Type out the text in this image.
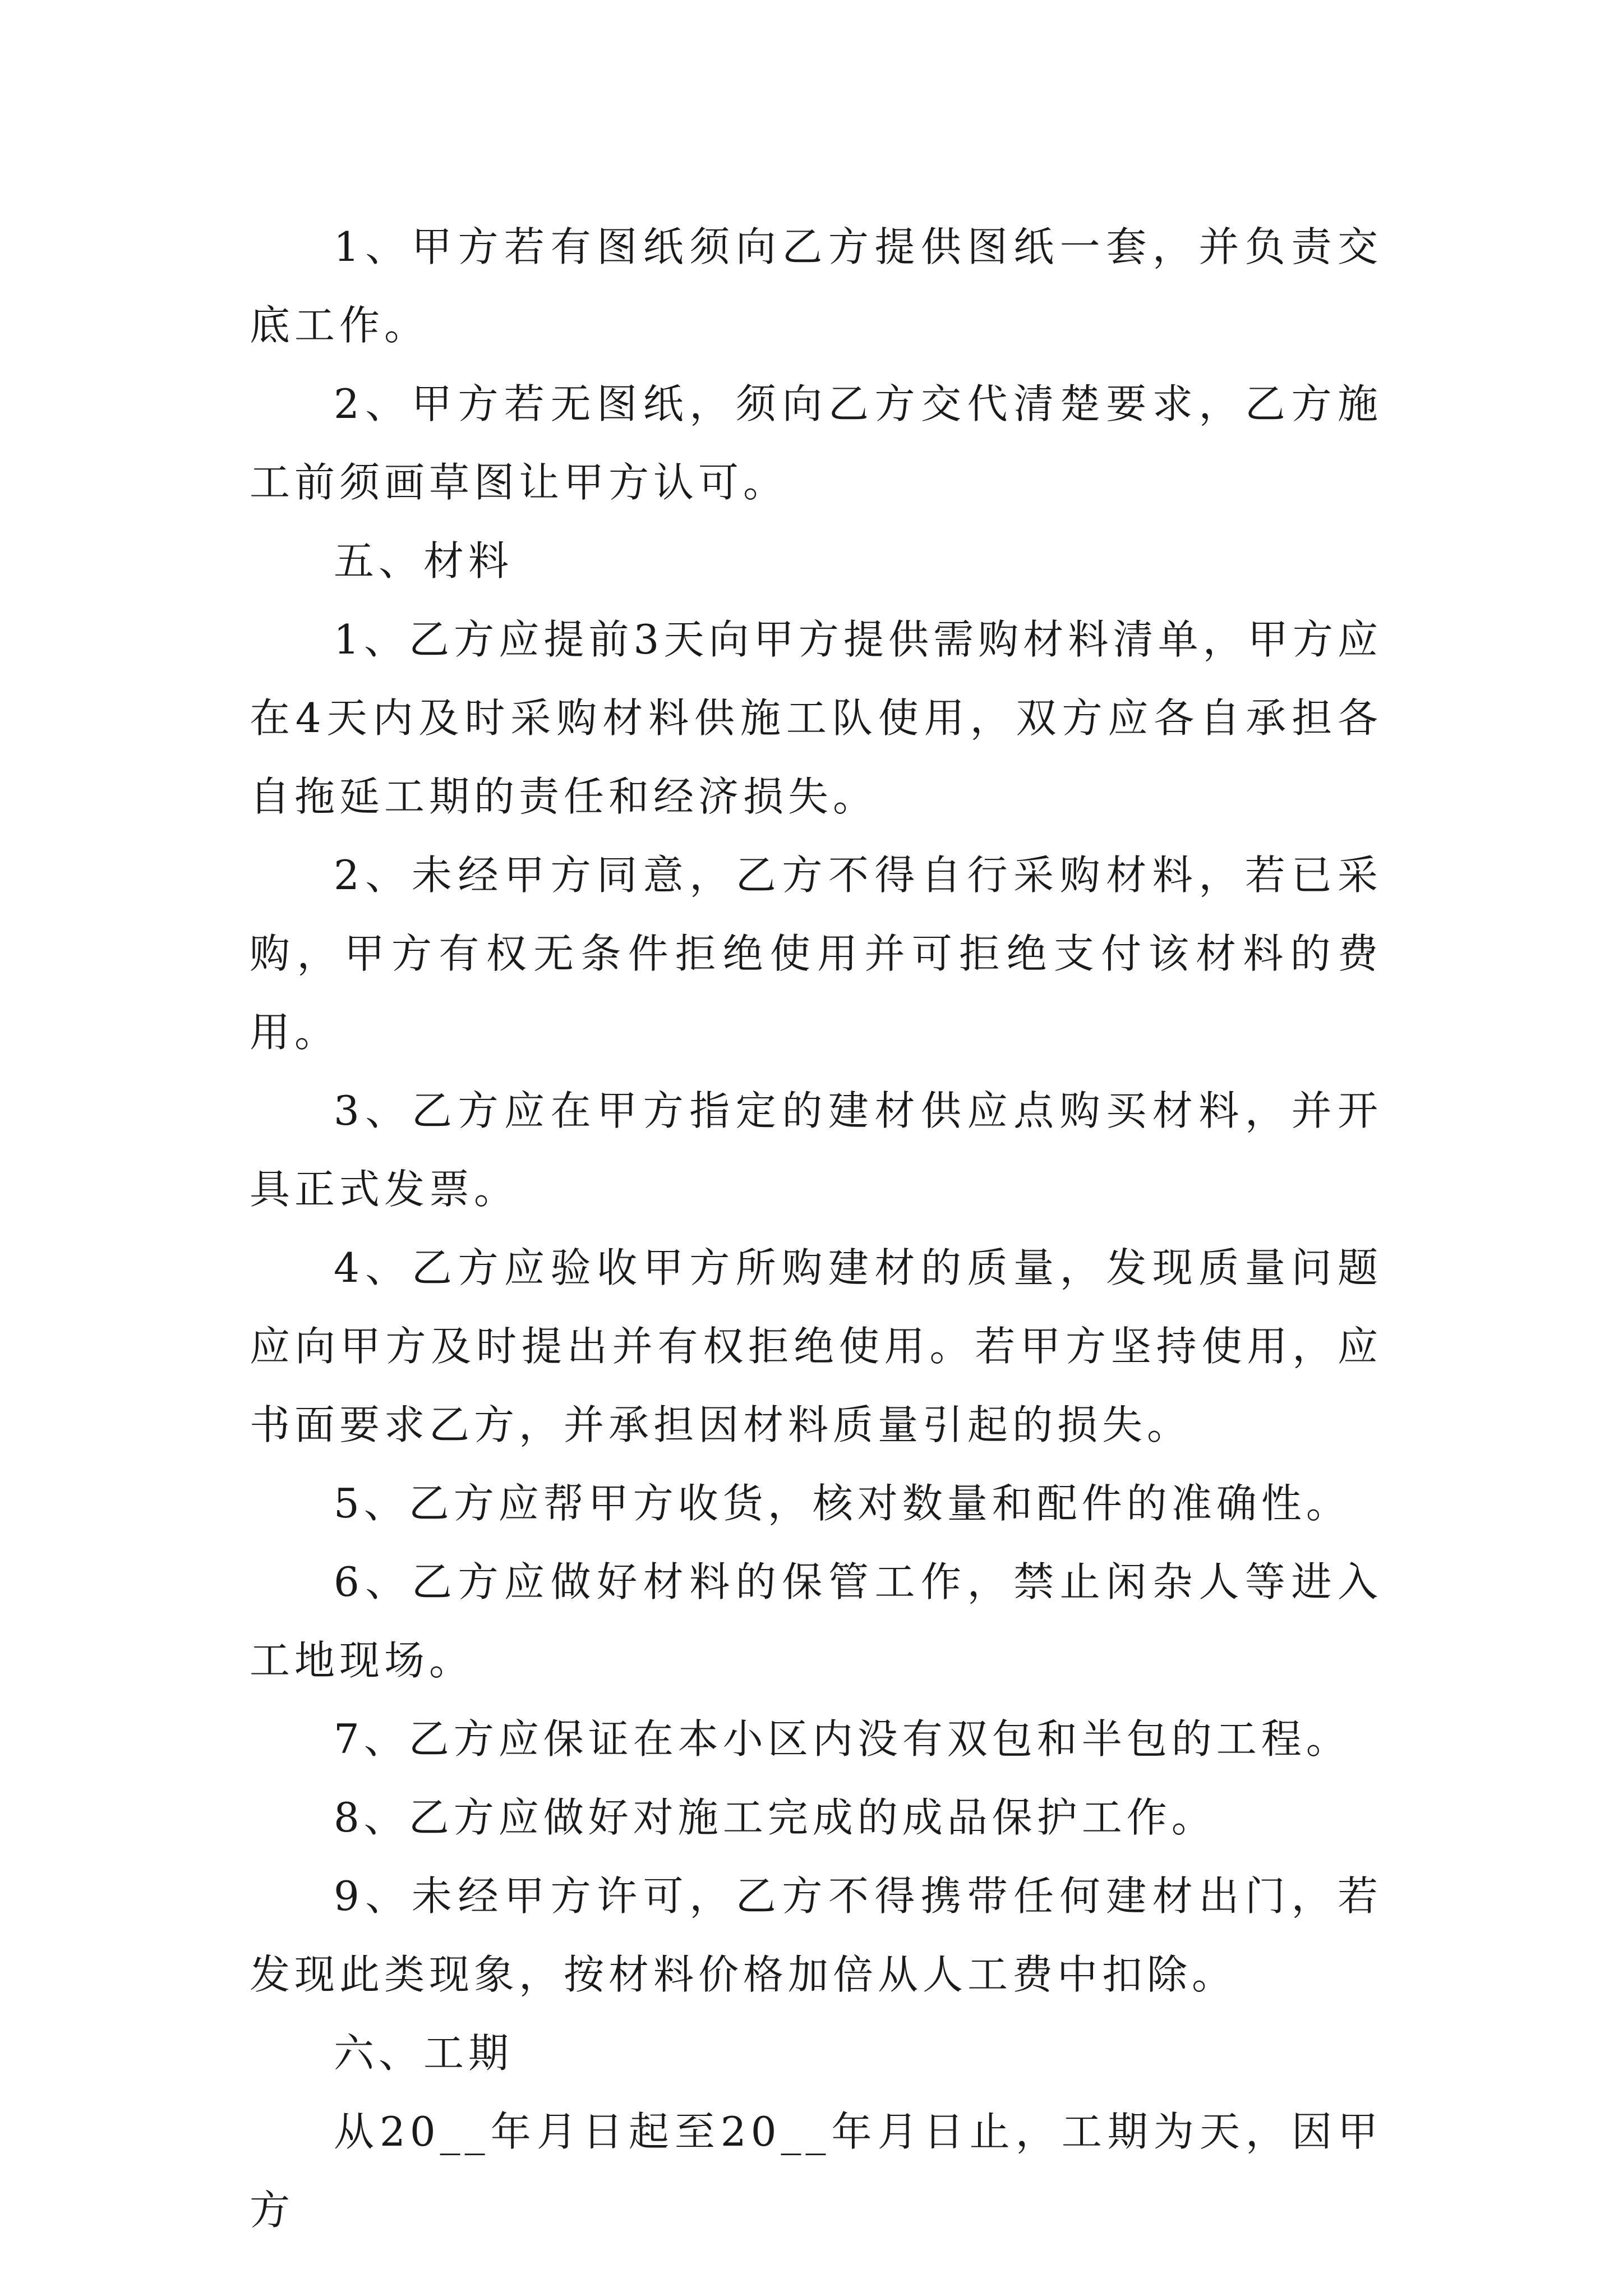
1、甲方若有图纸须向乙方提供图纸一套，并负责交底工作。

2、甲方若无图纸，须向乙方交代清楚要求，乙方施工前须画草图让甲方认可。

五、材料

1、乙方应提前3天向甲方提供需购材料清单，甲方应在4天内及时采购材料供施工队使用，双方应各自承担各自拖延工期的责任和经济损失。

2、未经甲方同意，乙方不得自行采购材料，若已采购，甲方有权无条件拒绝使用并可拒绝支付该材料的费用。

3、乙方应在甲方指定的建材供应点购买材料，并开具正式发票。

4、乙方应验收甲方所购建材的质量，发现质量问题应向甲方及时提出并有权拒绝使用。若甲方坚持使用，应书面要求乙方，并承担因材料质量引起的损失。

5、乙方应帮甲方收货，核对数量和配件的准确性。

6、乙方应做好材料的保管工作，禁止闲杂人等进入工地现场。

7、乙方应保证在本小区内没有双包和半包的工程。

8、乙方应做好对施工完成的成品保护工作。

9、未经甲方许可，乙方不得携带任何建材出门，若发现此类现象，按材料价格加倍从人工费中扣除。

六、工期

从20__年月日起至20__年月日止，工期为天，因甲方
